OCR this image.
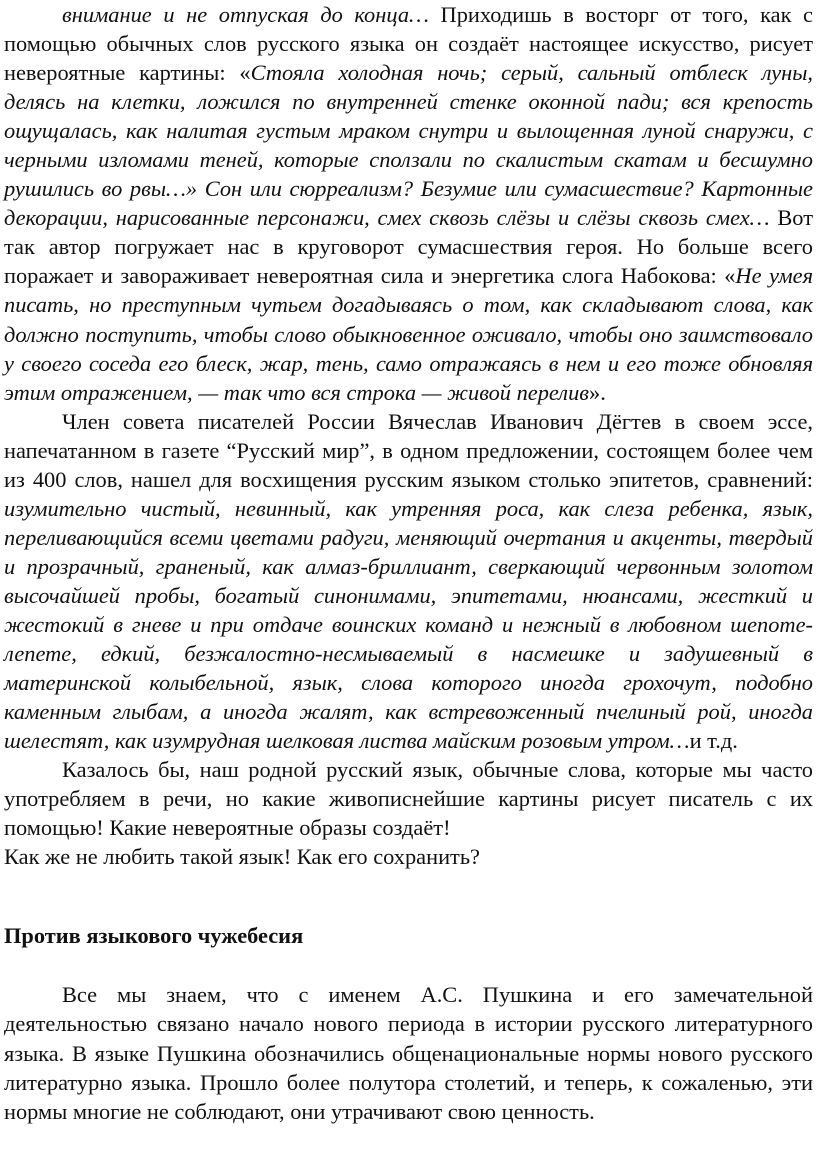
внимание и не отпуская до конца… Приходишь в восторг от того, как с помощью обычных слов русского языка он создаёт настоящее искусство, рисует невероятные картины: «Стояла холодная ночь; серый, сальный отблеск луны, делясь на клетки, ложился по внутренней стенке оконной пади; вся крепость ощущалась, как налитая густым мраком снутри и вылощенная луной снаружи, с черными изломами теней, которые сползали по скалистым скатам и бесшумно рушились во рвы…» Сон или сюрреализм? Безумие или сумасшествие? Картонные декорации, нарисованные персонажи, смех сквозь слёзы и слёзы сквозь смех… Вот так автор погружает нас в круговорот сумасшествия героя. Но больше всего поражает и завораживает невероятная сила и энергетика слога Набокова: «Не умея писать, но преступным чутьем догадываясь о том, как складывают слова, как должно поступить, чтобы слово обыкновенное оживало, чтобы оно заимствовало у своего соседа его блеск, жар, тень, само отражаясь в нем и его тоже обновляя этим отражением, — так что вся строка — живой перелив».

Член совета писателей России Вячеслав Иванович Дёгтев в своем эссе, напечатанном в газете “Русский мир”, в одном предложении, состоящем более чем из 400 слов, нашел для восхищения русским языком столько эпитетов, сравнений: изумительно чистый, невинный, как утренняя роса, как слеза ребенка, язык, переливающийся всеми цветами радуги, меняющий очертания и акценты, твердый и прозрачный, граненый, как алмаз-бриллиант, сверкающий червонным золотом высочайшей пробы, богатый синонимами, эпитетами, нюансами, жесткий и жестокий в гневе и при отдаче воинских команд и нежный в любовном шепоте-лепете, едкий, безжалостно-несмываемый в насмешке и задушевный в материнской колыбельной, язык, слова которого иногда грохочут, подобно каменным глыбам, а иногда жалят, как встревоженный пчелиный рой, иногда шелестят, как изумрудная шелковая листва майским розовым утром…и т.д.

Казалось бы, наш родной русский язык, обычные слова, которые мы часто употребляем в речи, но какие живописнейшие картины рисует писатель с их помощью! Какие невероятные образы создаёт!

Как же не любить такой язык! Как его сохранить?

Против языкового чужебесия

Все мы знаем, что с именем А.С. Пушкина и его замечательной деятельностью связано начало нового периода в истории русского литературного языка. В языке Пушкина обозначились общенациональные нормы нового русского литературно языка. Прошло более полутора столетий, и теперь, к сожаленью, эти нормы многие не соблюдают, они утрачивают свою ценность.
